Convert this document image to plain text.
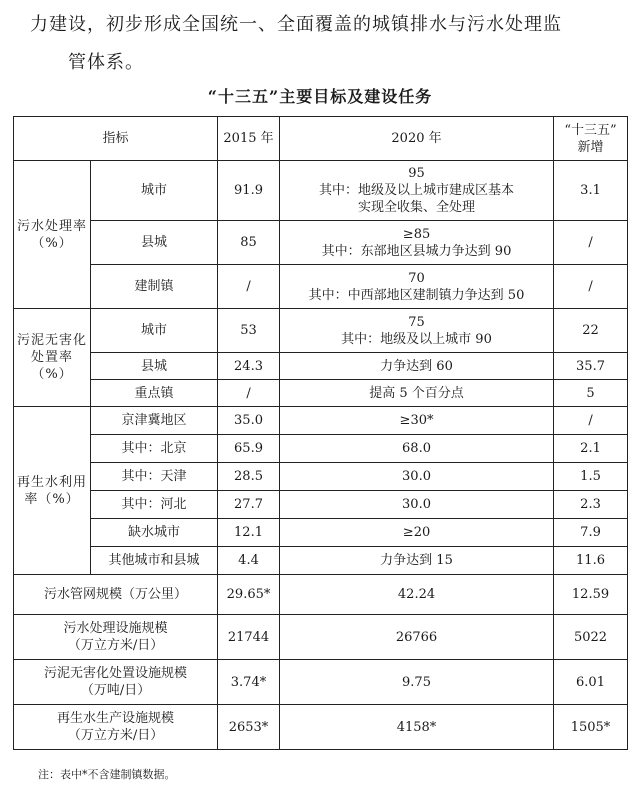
力建设，初步形成全国统一、全面覆盖的城镇排水与污水处理监
管体系。

“十三五”主要目标及建设任务

指标		2015 年	2020 年	“十三五”
新增

污水处理率（%）	城市	91.9	95
其中：地级及以上城市建成区基本
实现全收集、全处理	3.1
	县城	85	≥85
其中：东部地区县城力争达到 90	/
	建制镇	/	70
其中：中西部地区建制镇力争达到 50	/
污泥无害化处置率（%）	城市	53	75
其中：地级及以上城市 90	22
	县城	24.3	力争达到 60	35.7
	重点镇	/	提高 5 个百分点	5
再生水利用率（%）	京津冀地区	35.0	≥30*	/
	其中：北京	65.9	68.0	2.1
	其中：天津	28.5	30.0	1.5
	其中：河北	27.7	30.0	2.3
	缺水城市	12.1	≥20	7.9
	其他城市和县城	4.4	力争达到 15	11.6
污水管网规模（万公里）		29.65*	42.24	12.59

污水处理设施规模
（万立方米/日）		21744	26766	5022

污泥无害化处置设施规模
（万吨/日）		3.74*	9.75	6.01

再生水生产设施规模
（万立方米/日）		2653*	4158*	1505*

注：表中*不含建制镇数据。
